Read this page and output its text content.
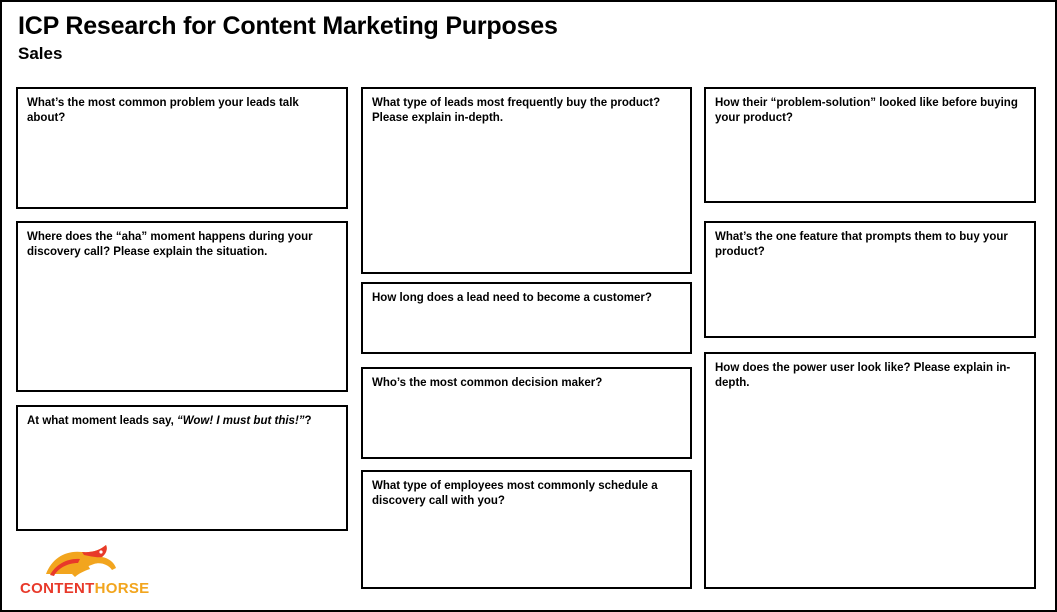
ICP Research for Content Marketing Purposes
Sales
What’s the most common problem your leads talk about?
Where does the “aha” moment happens during your discovery call? Please explain the situation.
At what moment leads say, “Wow! I must but this!”?
What type of leads most frequently buy the product? Please explain in-depth.
How long does a lead need to become a customer?
Who’s the most common decision maker?
What type of employees most commonly schedule a discovery call with you?
How their “problem-solution” looked like before buying your product?
What’s the one feature that prompts them to buy your product?
How does the power user look like? Please explain in-depth.
CONTENTHORSE
